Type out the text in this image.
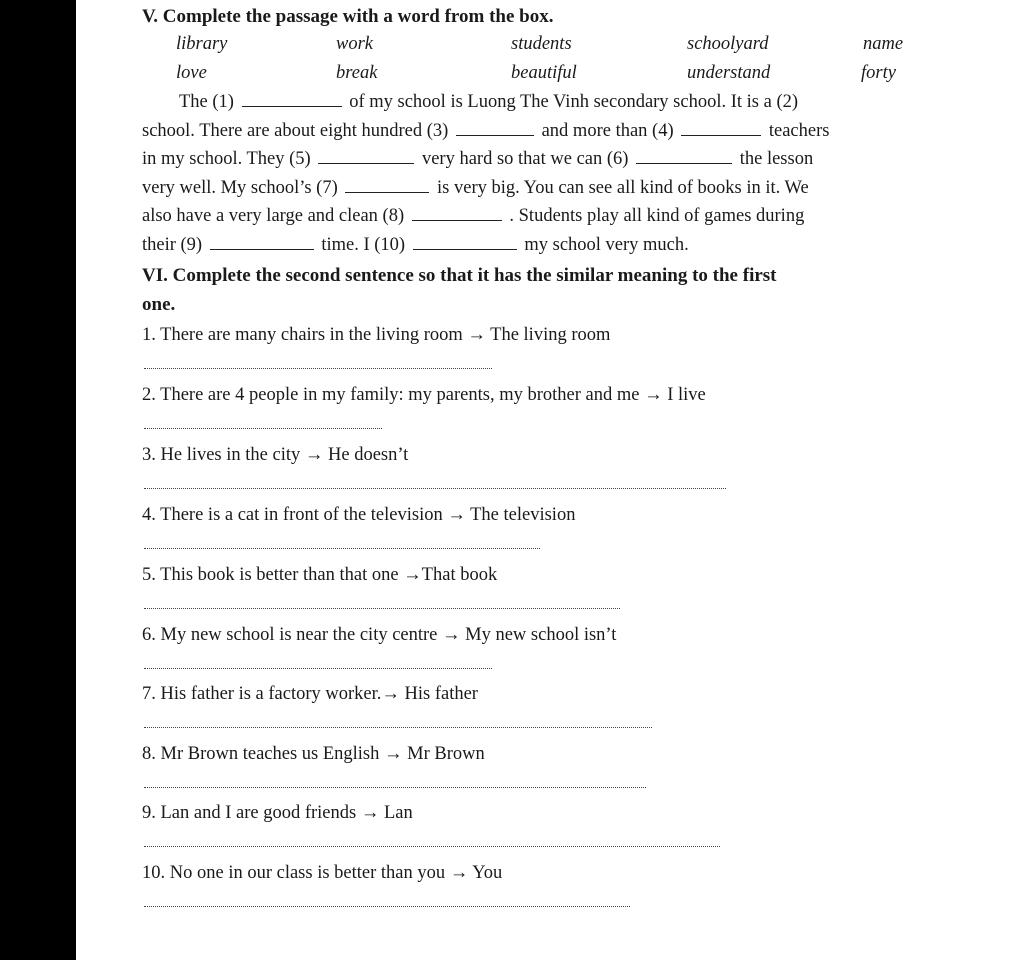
V. Complete the passage with a word from the box.
library	work	students	schoolyard	name
love	break	beautiful	understand	forty
The (1)	of my school is Luong The Vinh secondary school. It is a (2)
school. There are about eight hundred (3)	and more than (4)	teachers
in my school. They (5)	very hard so that we can (6)	the lesson
very well. My school’s (7)	is very big. You can see all kind of books in it. We
also have a very large and clean (8)	. Students play all kind of games during
their (9)	time. I (10)	my school very much.
VI. Complete the second sentence so that it has the similar meaning to the first
one.
1. There are many chairs in the living room → The living room
2. There are 4 people in my family: my parents, my brother and me → I live
3. He lives in the city → He doesn’t
4. There is a cat in front of the television → The television
5. This book is better than that one →That book
6. My new school is near the city centre → My new school isn’t
7. His father is a factory worker.→ His father
8. Mr Brown teaches us English → Mr Brown
9. Lan and I are good friends → Lan
10. No one in our class is better than you → You
